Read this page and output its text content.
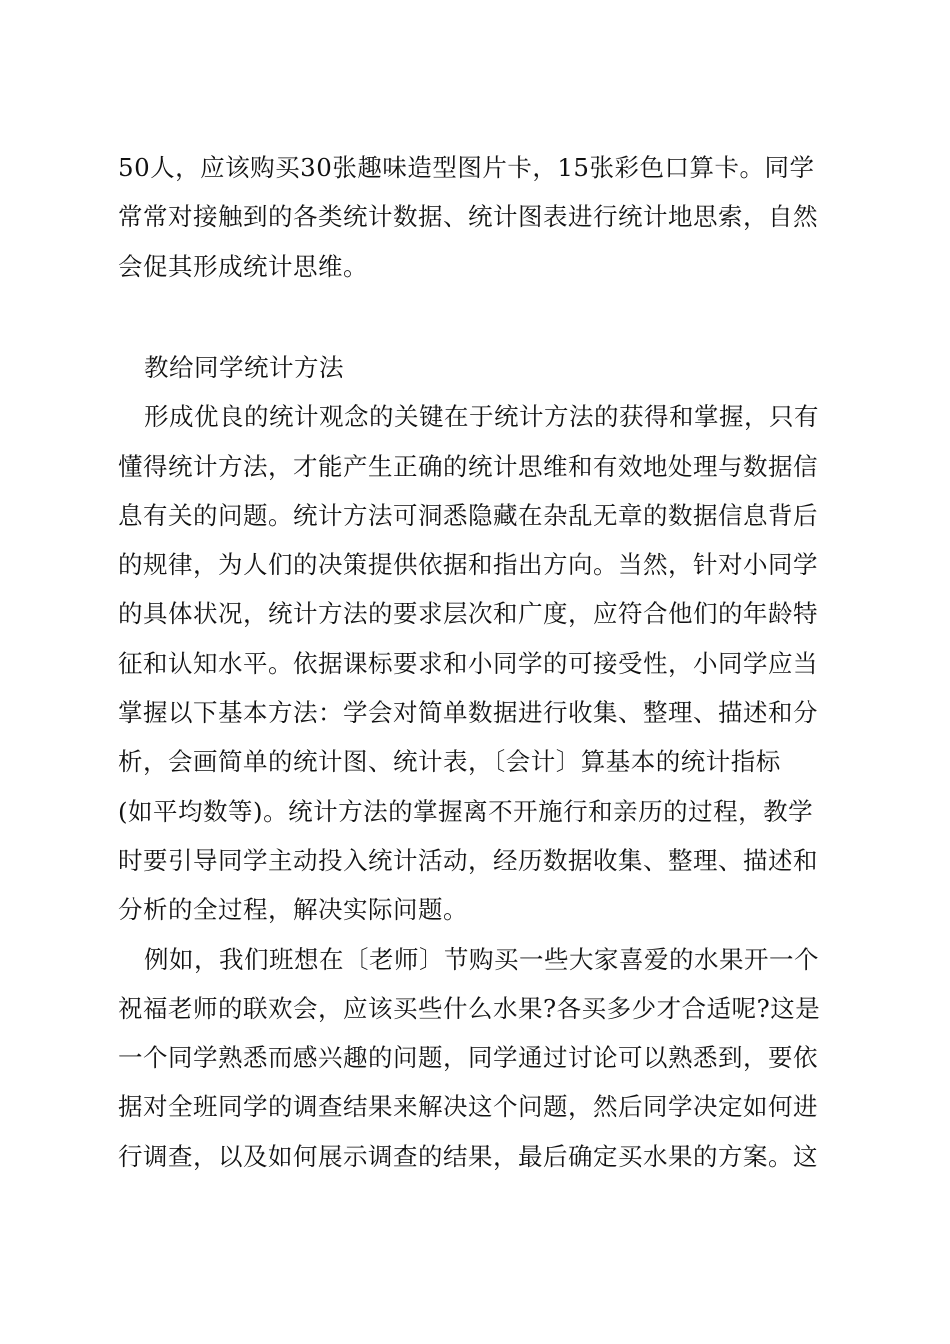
50人，应该购买30张趣味造型图片卡，15张彩色口算卡。同学
常常对接触到的各类统计数据、统计图表进行统计地思索，自然
会促其形成统计思维。
教给同学统计方法
形成优良的统计观念的关键在于统计方法的获得和掌握，只有
懂得统计方法，才能产生正确的统计思维和有效地处理与数据信
息有关的问题。统计方法可洞悉隐藏在杂乱无章的数据信息背后
的规律，为人们的决策提供依据和指出方向。当然，针对小同学
的具体状况，统计方法的要求层次和广度，应符合他们的年龄特
征和认知水平。依据课标要求和小同学的可接受性，小同学应当
掌握以下基本方法：学会对简单数据进行收集、整理、描述和分
析，会画简单的统计图、统计表，〔会计〕算基本的统计指标
(如平均数等)。统计方法的掌握离不开施行和亲历的过程，教学
时要引导同学主动投入统计活动，经历数据收集、整理、描述和
分析的全过程，解决实际问题。
例如，我们班想在〔老师〕节购买一些大家喜爱的水果开一个
祝福老师的联欢会，应该买些什么水果?各买多少才合适呢?这是
一个同学熟悉而感兴趣的问题，同学通过讨论可以熟悉到，要依
据对全班同学的调查结果来解决这个问题，然后同学决定如何进
行调查，以及如何展示调查的结果，最后确定买水果的方案。这
